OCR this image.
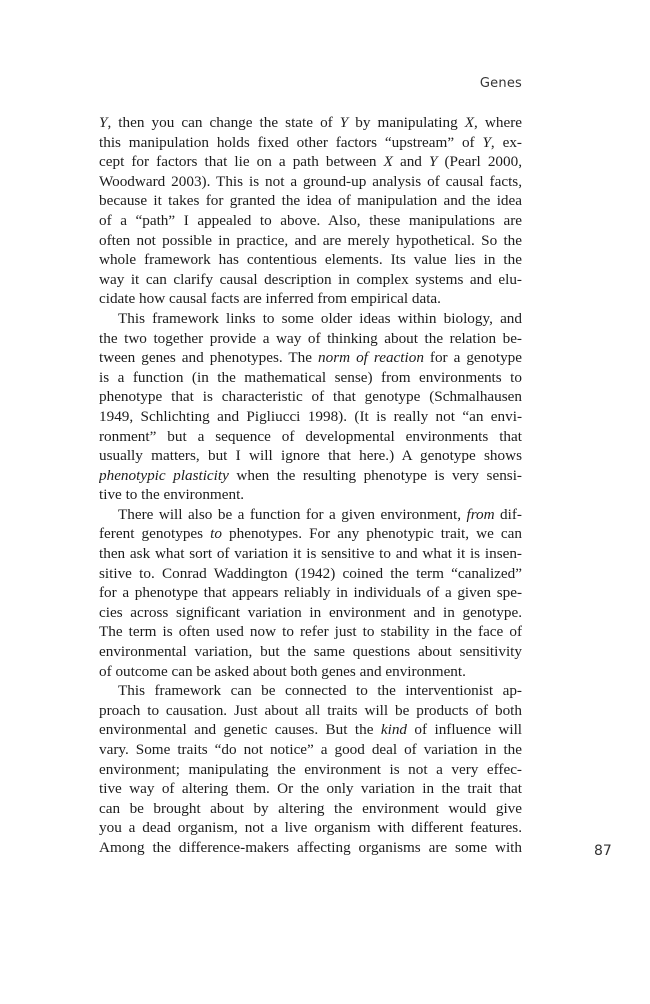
Genes
Y, then you can change the state of Y by manipulating X, where
this manipulation holds fixed other factors “upstream” of Y, ex-
cept for factors that lie on a path between X and Y (Pearl 2000,
Woodward 2003). This is not a ground-up analysis of causal facts,
because it takes for granted the idea of manipulation and the idea
of a “path” I appealed to above. Also, these manipulations are
often not possible in practice, and are merely hypothetical. So the
whole framework has contentious elements. Its value lies in the
way it can clarify causal description in complex systems and elu-
cidate how causal facts are inferred from empirical data.
This framework links to some older ideas within biology, and
the two together provide a way of thinking about the relation be-
tween genes and phenotypes. The norm of reaction for a genotype
is a function (in the mathematical sense) from environments to
phenotype that is characteristic of that genotype (Schmalhausen
1949, Schlichting and Pigliucci 1998). (It is really not “an envi-
ronment” but a sequence of developmental environments that
usually matters, but I will ignore that here.) A genotype shows
phenotypic plasticity when the resulting phenotype is very sensi-
tive to the environment.
There will also be a function for a given environment, from dif-
ferent genotypes to phenotypes. For any phenotypic trait, we can
then ask what sort of variation it is sensitive to and what it is insen-
sitive to. Conrad Waddington (1942) coined the term “canalized”
for a phenotype that appears reliably in individuals of a given spe-
cies across significant variation in environment and in genotype.
The term is often used now to refer just to stability in the face of
environmental variation, but the same questions about sensitivity
of outcome can be asked about both genes and environment.
This framework can be connected to the interventionist ap-
proach to causation. Just about all traits will be products of both
environmental and genetic causes. But the kind of influence will
vary. Some traits “do not notice” a good deal of variation in the
environment; manipulating the environment is not a very effec-
tive way of altering them. Or the only variation in the trait that
can be brought about by altering the environment would give
you a dead organism, not a live organism with different features.
Among the difference-makers affecting organisms are some with	87
